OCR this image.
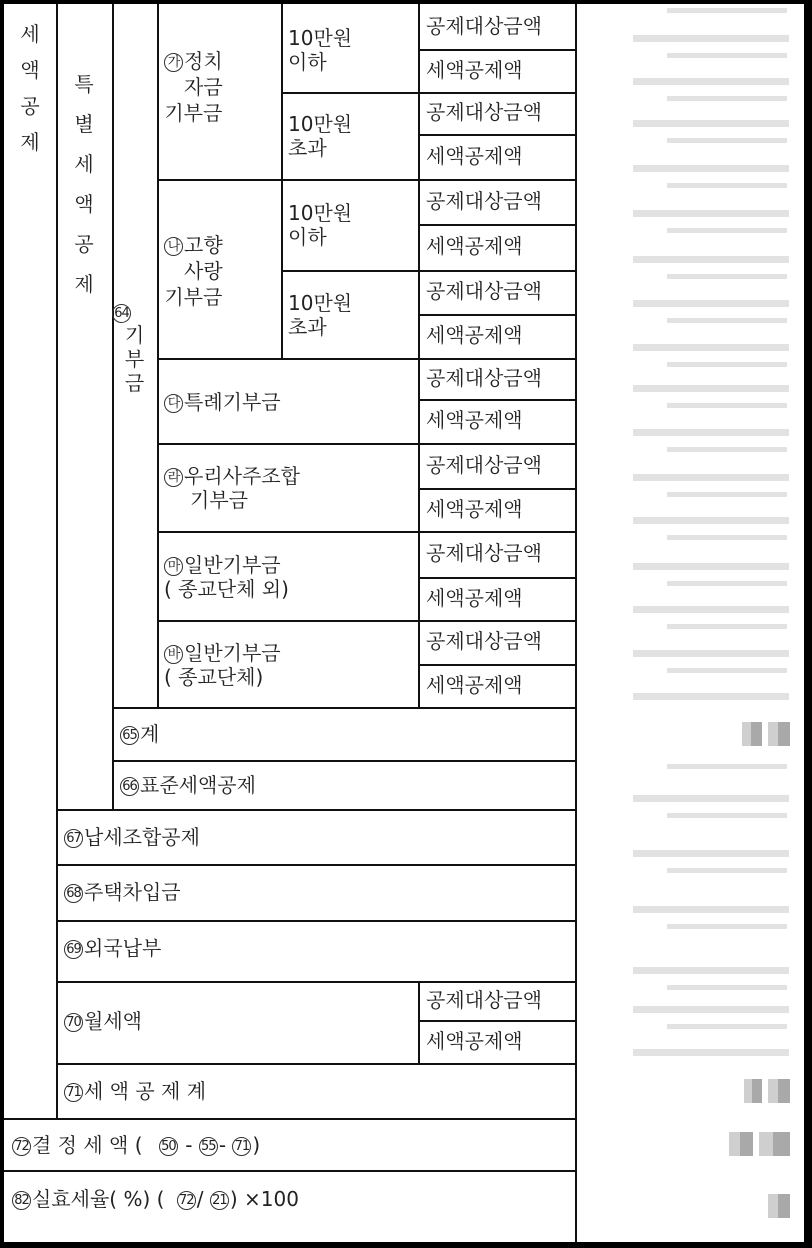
세
액
공
제
특
별
세
액
공
제
64
기
부
금
가 정치
자금
기부금
10만원
이하
10만원
초과
나 고향
사랑
기부금
10만원
이하
10만원
초과
다 특례기부금
라 우리사주조합
기부금
마 일반기부금
( 종교단체 외)
바 일반기부금
( 종교단체)
공제대상금액
세액공제액
공제대상금액
세액공제액
공제대상금액
세액공제액
공제대상금액
세액공제액
공제대상금액
세액공제액
공제대상금액
세액공제액
공제대상금액
세액공제액
공제대상금액
세액공제액
공제대상금액
세액공제액
65 계
66 표준세액공제
67 납세조합공제
68 주택차입금
69 외국납부
70 월세액
71 세 액 공 제 계
72 결 정 세 액 ( 50 - 55 - 71 )
82 실효세율( %) ( 72 / 21 ) ×100
